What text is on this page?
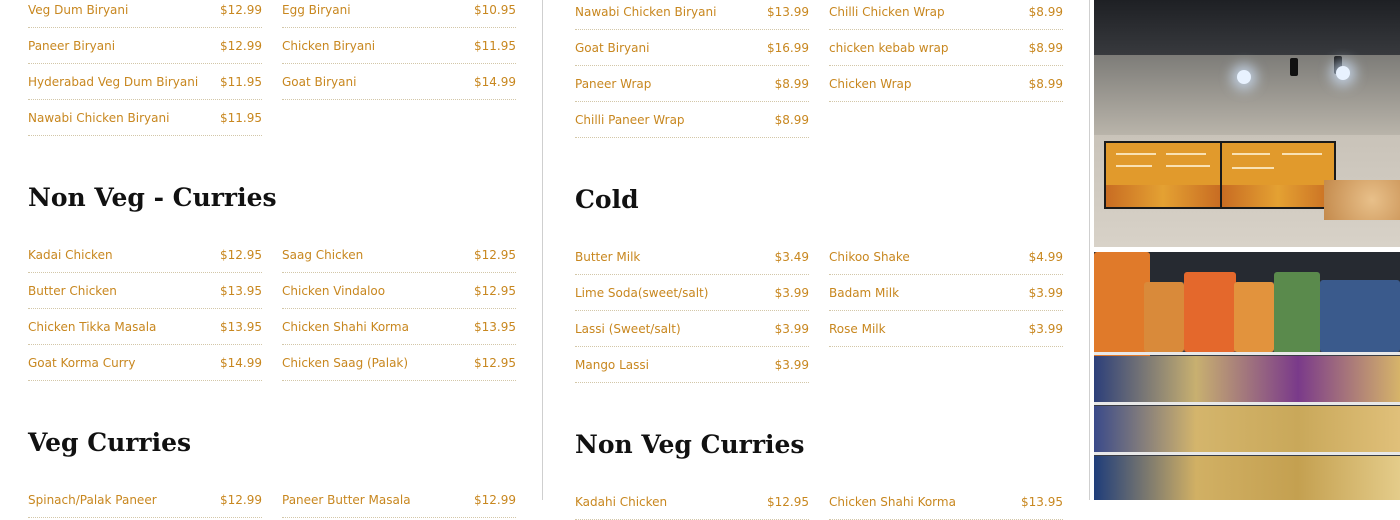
Veg Dum Biryani	$12.99
Paneer Biryani	$12.99
Hyderabad Veg Dum Biryani $11.95
Nawabi Chicken Biryani	$11.95
Egg Biryani	$10.95
Chicken Biryani	$11.95
Goat Biryani	$14.99
Non Veg - Curries
Kadai Chicken	$12.95
Butter Chicken	$13.95
Chicken Tikka Masala	$13.95
Goat Korma Curry	$14.99
Saag Chicken	$12.95
Chicken Vindaloo	$12.95
Chicken Shahi Korma	$13.95
Chicken Saag (Palak)	$12.95
Veg Curries
Spinach/Palak Paneer	$12.99 Paneer Butter Masala	$12.99
Nawabi Chicken Biryani	$13.99
Goat Biryani	$16.99
Paneer Wrap	$8.99
Chilli Paneer Wrap	$8.99
Chilli Chicken Wrap	$8.99
chicken kebab wrap	$8.99
Chicken Wrap	$8.99
Cold
Butter Milk	$3.49
Lime Soda(sweet/salt)	$3.99
Lassi (Sweet/salt)	$3.99
Mango Lassi	$3.99
Chikoo Shake	$4.99
Badam Milk	$3.99
Rose Milk	$3.99
Non Veg Curries
Kadahi Chicken	$12.95 Chicken Shahi Korma	$13.95
